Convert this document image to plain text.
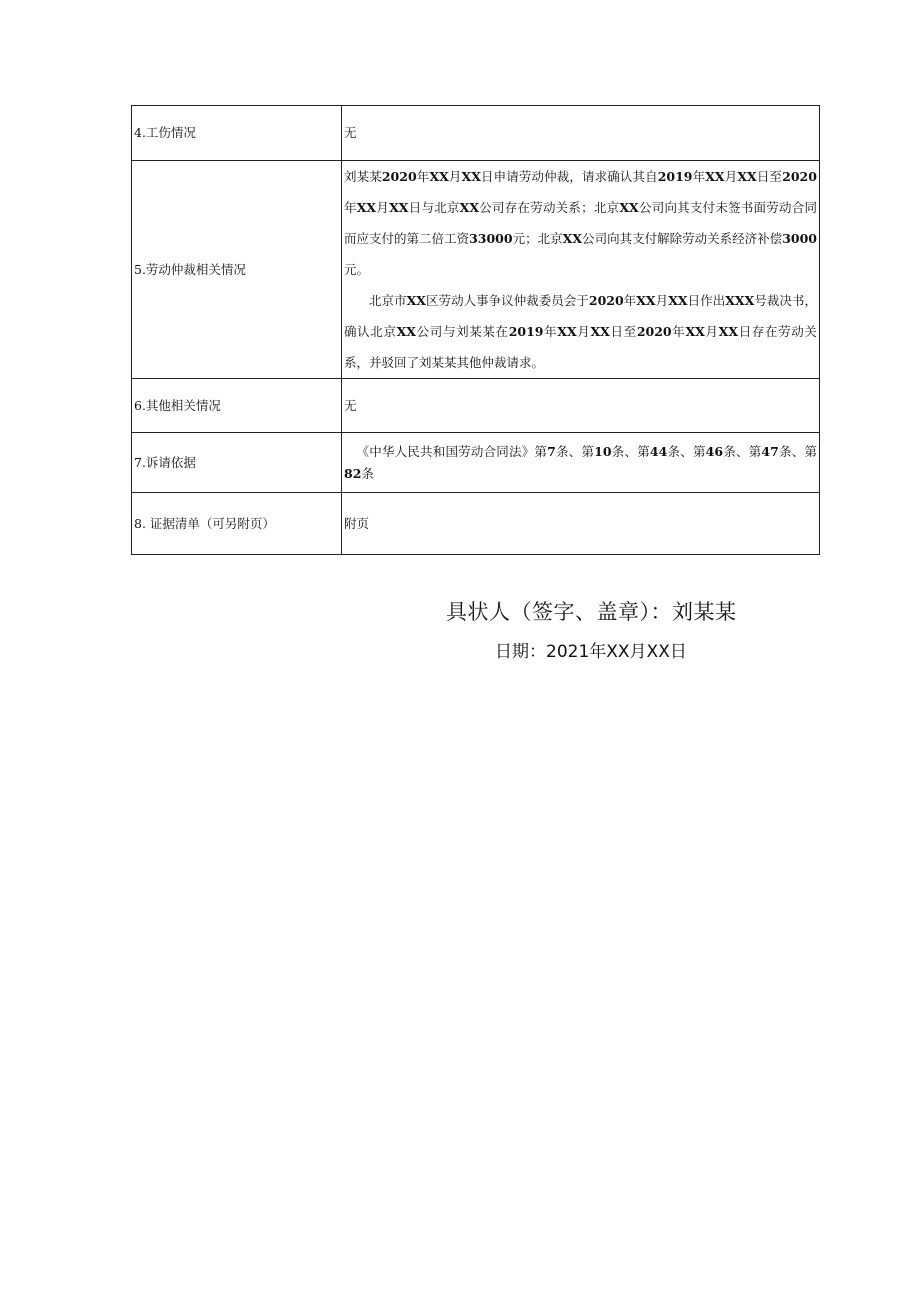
4.工伤情况	无
5.劳动仲裁相关情况	刘某某2020年XX月XX日申请劳动仲裁，请求确认其自2019年XX月XX日至2020年XX月XX日与北京XX公司存在劳动关系；北京XX公司向其支付未签书面劳动合同而应支付的第二倍工资33000元；北京XX公司向其支付解除劳动关系经济补偿3000元。

北京市XX区劳动人事争议仲裁委员会于2020年XX月XX日作出XXX号裁决书，确认北京XX公司与刘某某在2019年XX月XX日至2020年XX月XX日存在劳动关系，并驳回了刘某某其他仲裁请求。

6.其他相关情况	无
7.诉请依据	《中华人民共和国劳动合同法》第7条、第10条、第44条、第46条、第47条、第82条

8. 证据清单（可另附页）	附页
具状人（签字、盖章）：刘某某
日期：2021年XX月XX日
